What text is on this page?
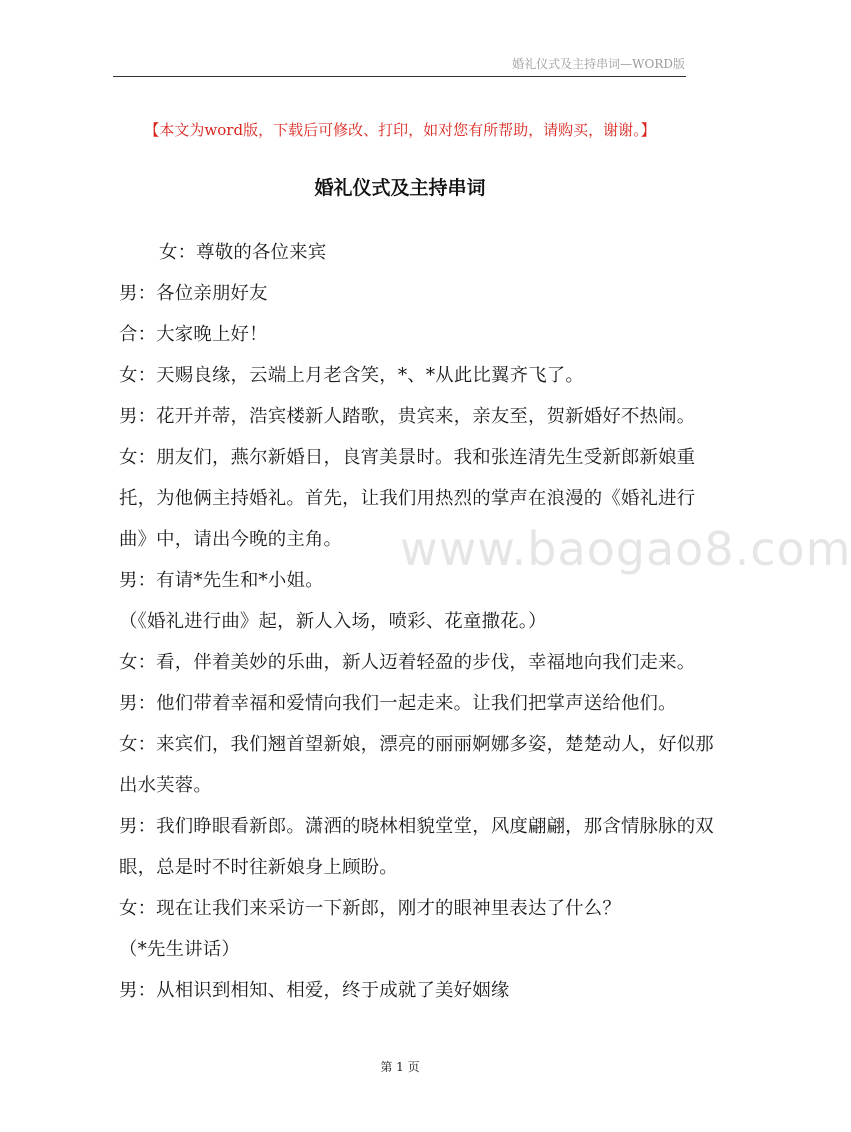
婚礼仪式及主持串词—WORD版
【本文为word版，下载后可修改、打印，如对您有所帮助，请购买，谢谢。】
婚礼仪式及主持串词

女：尊敬的各位来宾

男：各位亲朋好友

合：大家晚上好！

女：天赐良缘，云端上月老含笑，*、*从此比翼齐飞了。

男：花开并蒂，浩宾楼新人踏歌，贵宾来，亲友至，贺新婚好不热闹。

女：朋友们，燕尔新婚日，良宵美景时。我和张连清先生受新郎新娘重托，为他俩主持婚礼。首先，让我们用热烈的掌声在浪漫的《婚礼进行曲》中，请出今晚的主角。

男：有请*先生和*小姐。

（《婚礼进行曲》起，新人入场，喷彩、花童撒花。）

女：看，伴着美妙的乐曲，新人迈着轻盈的步伐，幸福地向我们走来。

男：他们带着幸福和爱情向我们一起走来。让我们把掌声送给他们。

女：来宾们，我们翘首望新娘，漂亮的丽丽婀娜多姿，楚楚动人，好似那出水芙蓉。

男：我们睁眼看新郎。潇洒的晓林相貌堂堂，风度翩翩，那含情脉脉的双眼，总是时不时往新娘身上顾盼。

女：现在让我们来采访一下新郎，刚才的眼神里表达了什么？

（*先生讲话）

男：从相识到相知、相爱，终于成就了美好姻缘

www.baogao8.com
第 1 页
